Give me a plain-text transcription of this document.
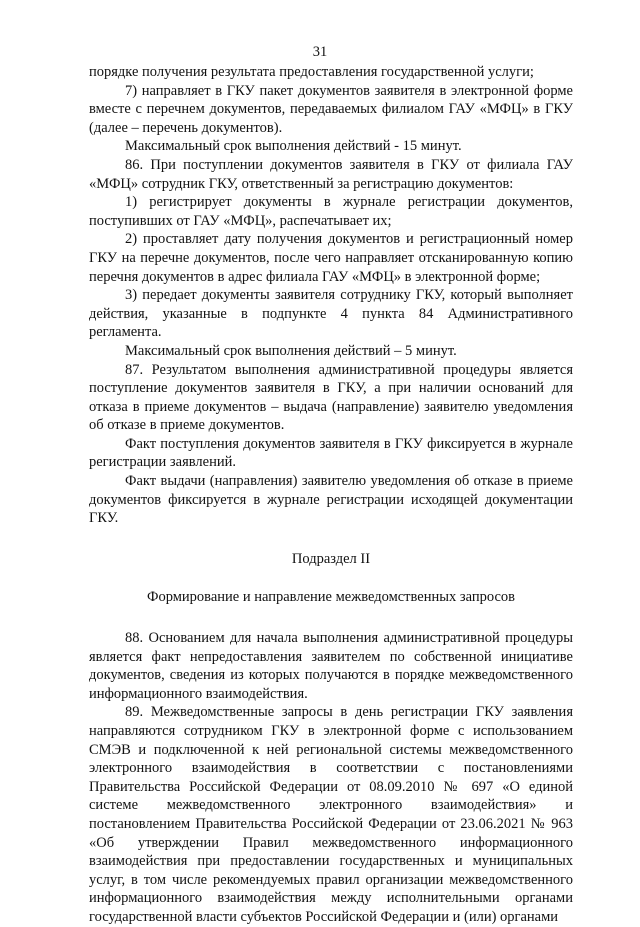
31

порядке получения результата предоставления государственной услуги;

7) направляет в ГКУ пакет документов заявителя в электронной форме вместе с перечнем документов, передаваемых филиалом ГАУ «МФЦ» в ГКУ (далее – перечень документов).

Максимальный срок выполнения действий - 15 минут.

86. При поступлении документов заявителя в ГКУ от филиала ГАУ «МФЦ» сотрудник ГКУ, ответственный за регистрацию документов:

1) регистрирует документы в журнале регистрации документов, поступивших от ГАУ «МФЦ», распечатывает их;

2) проставляет дату получения документов и регистрационный номер ГКУ на перечне документов, после чего направляет отсканированную копию перечня документов в адрес филиала ГАУ «МФЦ» в электронной форме;

3) передает документы заявителя сотруднику ГКУ, который выполняет действия, указанные в подпункте 4 пункта 84 Административного регламента.

Максимальный срок выполнения действий – 5 минут.

87. Результатом выполнения административной процедуры является поступление документов заявителя в ГКУ, а при наличии оснований для отказа в приеме документов – выдача (направление) заявителю уведомления об отказе в приеме документов.

Факт поступления документов заявителя в ГКУ фиксируется в журнале регистрации заявлений.

Факт выдачи (направления) заявителю уведомления об отказе в приеме документов фиксируется в журнале регистрации исходящей документации ГКУ.

Подраздел II

Формирование и направление межведомственных запросов

88. Основанием для начала выполнения административной процедуры является факт непредоставления заявителем по собственной инициативе документов, сведения из которых получаются в порядке межведомственного информационного взаимодействия.

89. Межведомственные запросы в день регистрации ГКУ заявления направляются сотрудником ГКУ в электронной форме с использованием СМЭВ и подключенной к ней региональной системы межведомственного электронного взаимодействия в соответствии с постановлениями Правительства Российской Федерации от 08.09.2010 № 697 «О единой системе межведомственного электронного взаимодействия» и постановлением Правительства Российской Федерации от 23.06.2021 № 963 «Об утверждении Правил межведомственного информационного взаимодействия при предоставлении государственных и муниципальных услуг, в том числе рекомендуемых правил организации межведомственного информационного взаимодействия между исполнительными органами государственной власти субъектов Российской Федерации и (или) органами
